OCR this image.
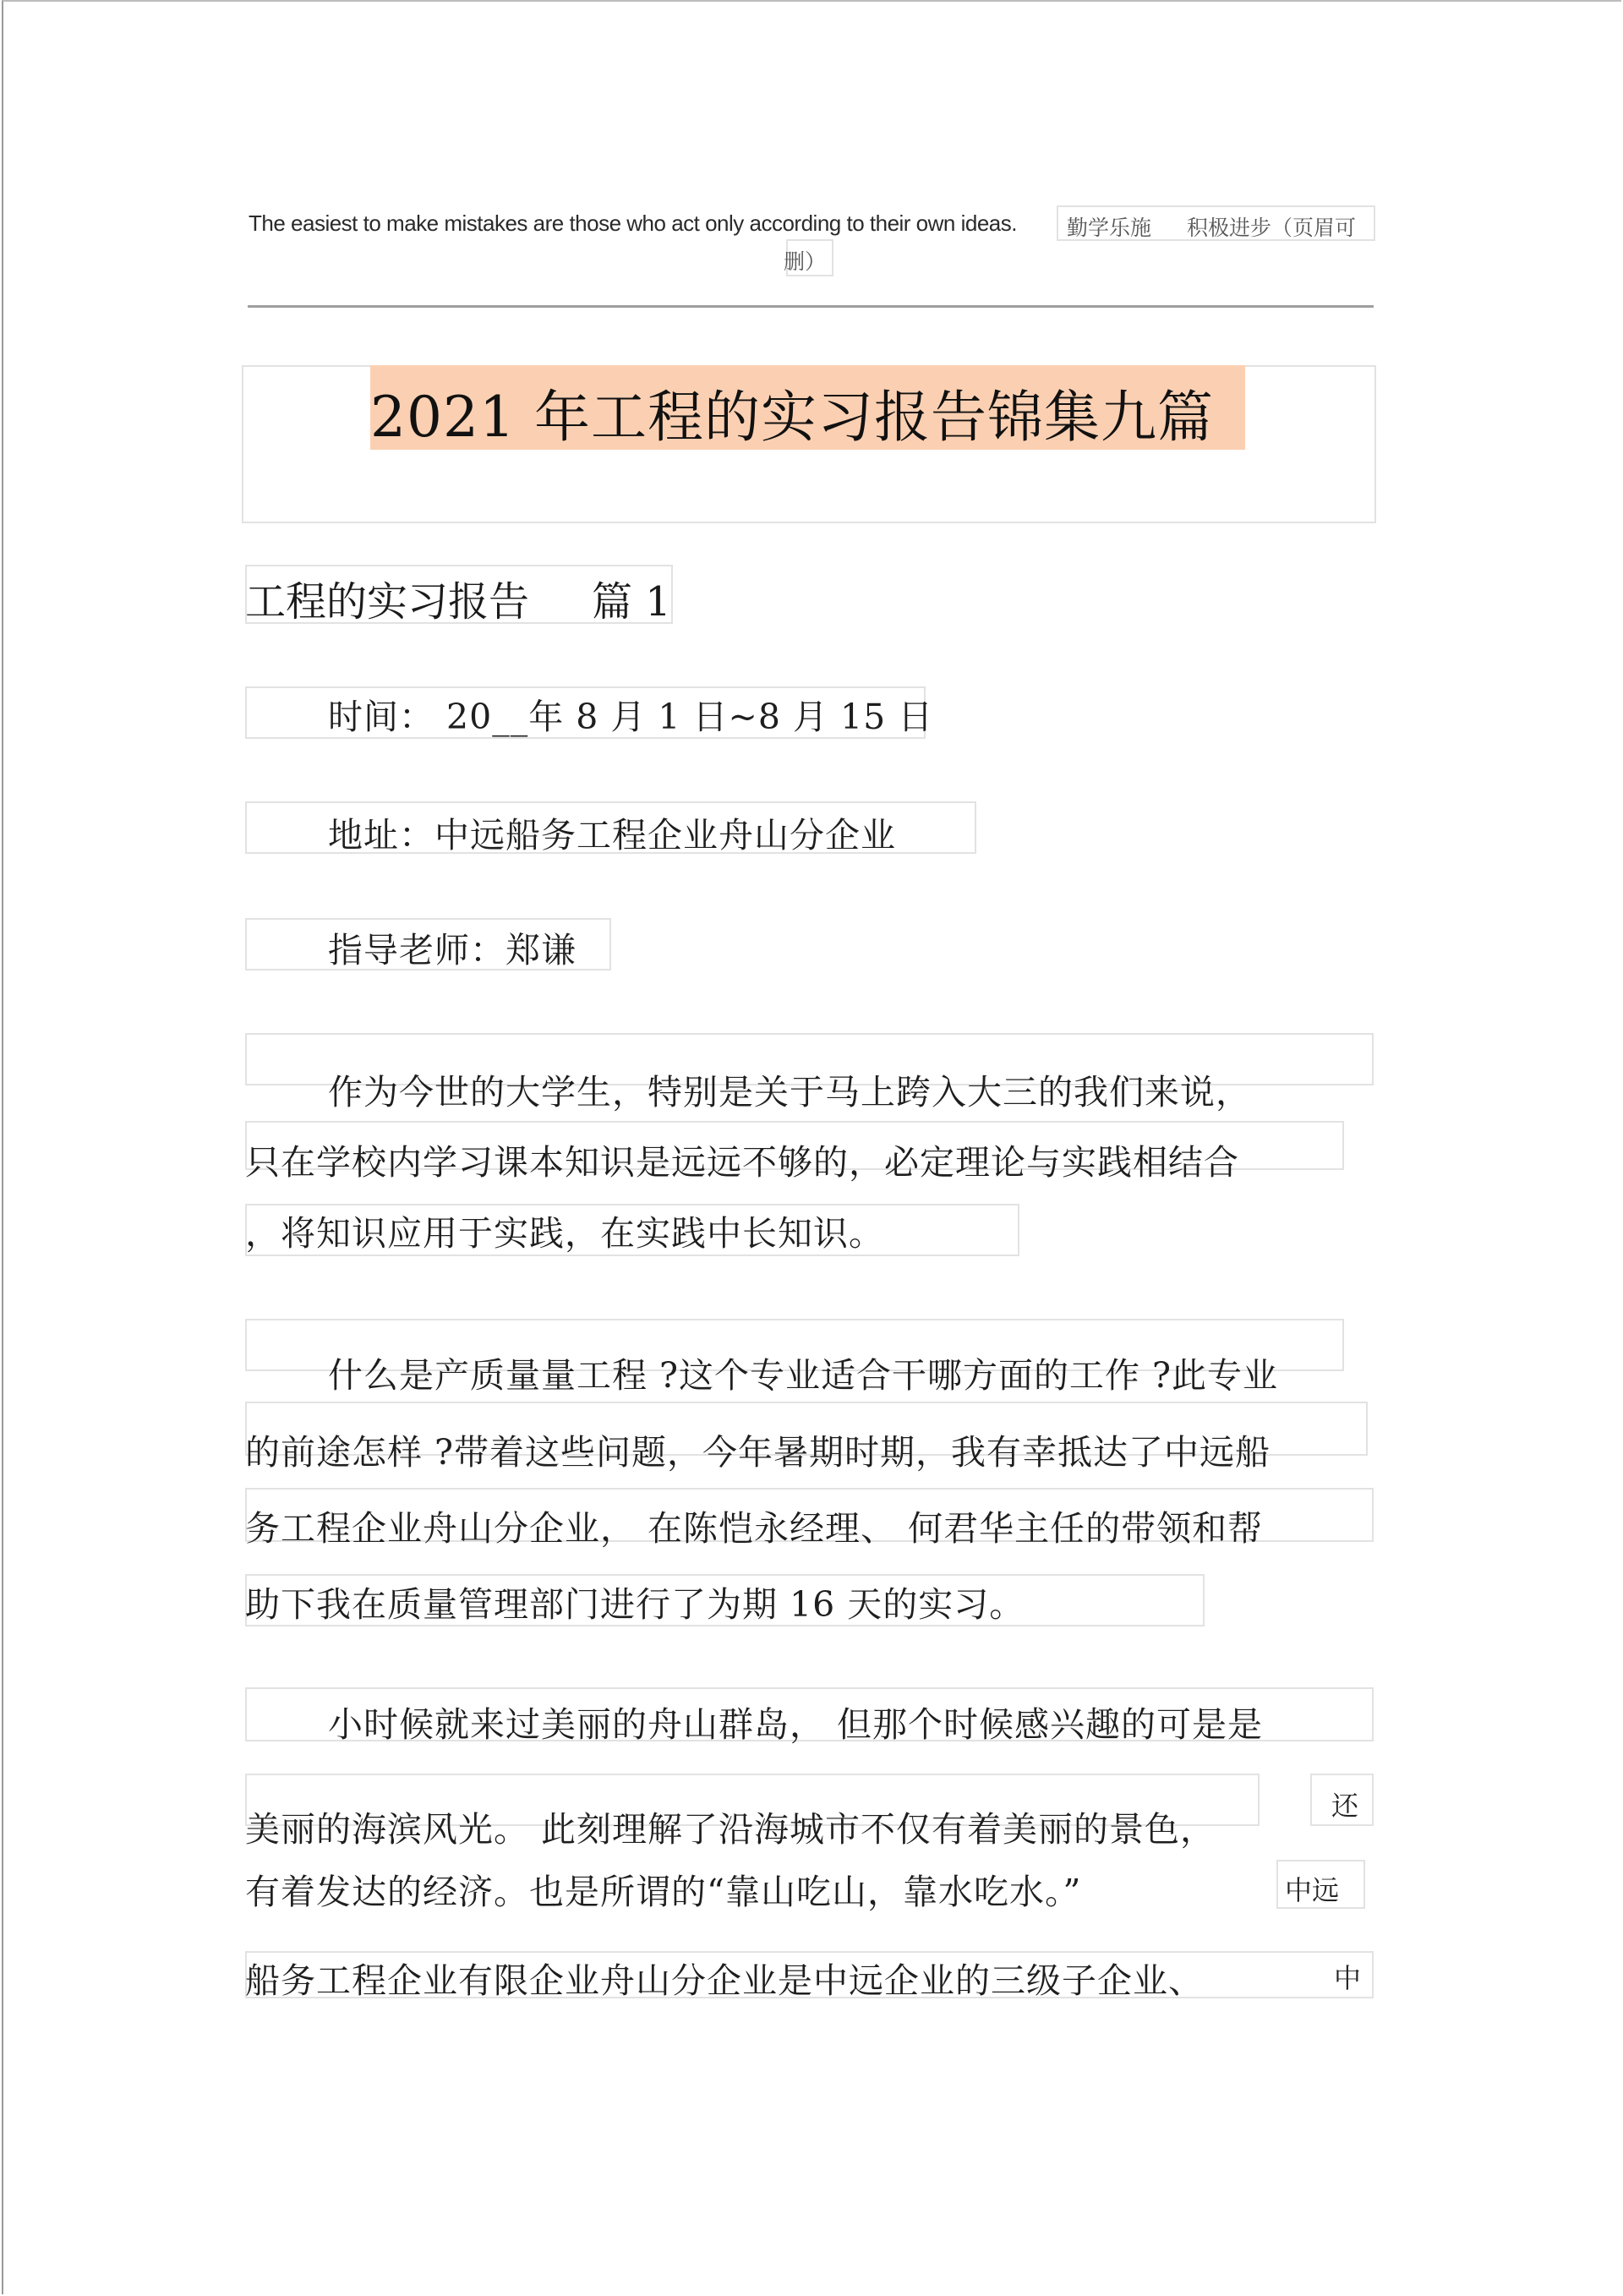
The easiest to make mistakes are those who act only according to their own ideas. 勤学乐施 积极进步（页眉可
删）
2021 年工程的实习报告锦集九篇
工程的实习报告 篇 1
时间： 20__年 8 月 1 日~8 月 15 日
地址：中远船务工程企业舟山分企业
指导老师：郑谦
作为今世的大学生，特别是关于马上跨入大三的我们来说，
只在学校内学习课本知识是远远不够的，必定理论与实践相结合
，将知识应用于实践，在实践中长知识。
什么是产质量量工程 ?这个专业适合干哪方面的工作 ?此专业
的前途怎样 ?带着这些问题，今年暑期时期，我有幸抵达了中远船
务工程企业舟山分企业， 在陈恺永经理、 何君华主任的带领和帮
助下我在质量管理部门进行了为期 16 天的实习。
小时候就来过美丽的舟山群岛， 但那个时候感兴趣的可是是
还
美丽的海滨风光。 此刻理解了沿海城市不仅有着美丽的景色，
中远
有着发达的经济。也是所谓的“靠山吃山，靠水吃水。”
船务工程企业有限企业舟山分企业是中远企业的三级子企业、	中
